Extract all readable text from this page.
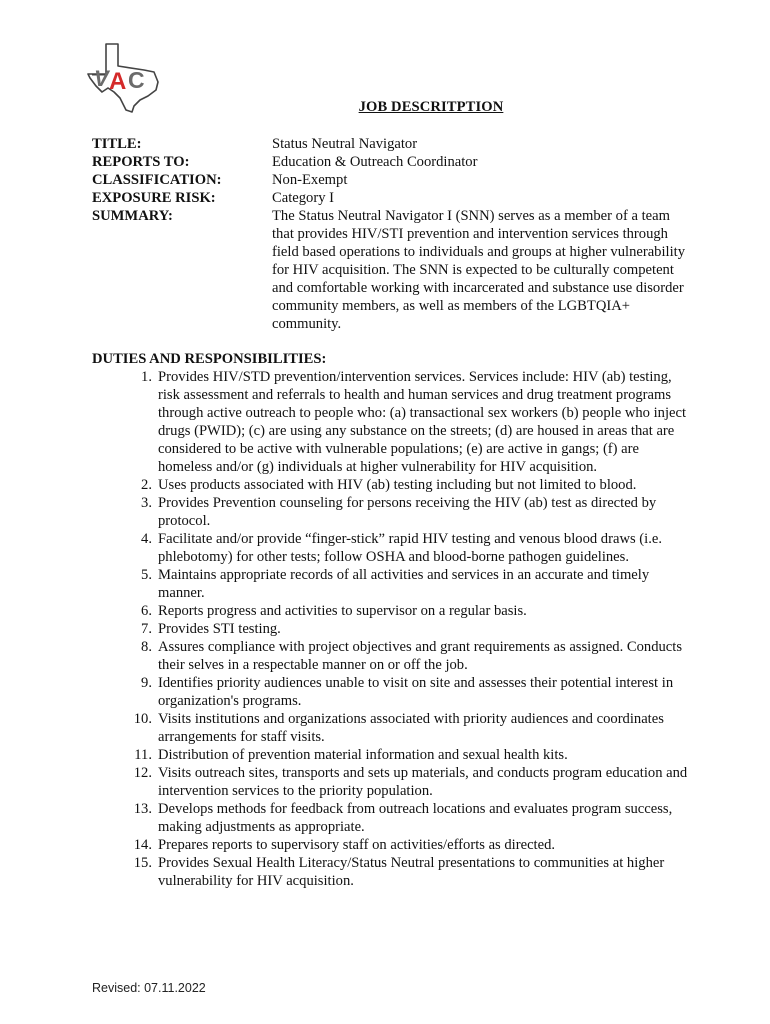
V A C
JOB DESCRITPTION
TITLE:	Status Neutral Navigator
REPORTS TO:	Education & Outreach Coordinator
CLASSIFICATION:	Non-Exempt
EXPOSURE RISK:	Category I
SUMMARY:	The Status Neutral Navigator I (SNN) serves as a member of a team that provides HIV/STI prevention and intervention services through field based operations to individuals and groups at higher vulnerability for HIV acquisition. The SNN is expected to be culturally competent and comfortable working with incarcerated and substance use disorder community members, as well as members of the LGBTQIA+ community.
DUTIES AND RESPONSIBILITIES:
1. Provides HIV/STD prevention/intervention services. Services include: HIV (ab) testing, risk assessment and referrals to health and human services and drug treatment programs through active outreach to people who: (a) transactional sex workers (b) people who inject drugs (PWID); (c) are using any substance on the streets; (d) are housed in areas that are considered to be active with vulnerable populations; (e) are active in gangs; (f) are homeless and/or (g) individuals at higher vulnerability for HIV acquisition.
2. Uses products associated with HIV (ab) testing including but not limited to blood.
3. Provides Prevention counseling for persons receiving the HIV (ab) test as directed by protocol.
4. Facilitate and/or provide “finger-stick” rapid HIV testing and venous blood draws (i.e. phlebotomy) for other tests; follow OSHA and blood-borne pathogen guidelines.
5. Maintains appropriate records of all activities and services in an accurate and timely manner.
6. Reports progress and activities to supervisor on a regular basis.
7. Provides STI testing.
8. Assures compliance with project objectives and grant requirements as assigned. Conducts their selves in a respectable manner on or off the job.
9. Identifies priority audiences unable to visit on site and assesses their potential interest in organization's programs.
10. Visits institutions and organizations associated with priority audiences and coordinates arrangements for staff visits.
11. Distribution of prevention material information and sexual health kits.
12. Visits outreach sites, transports and sets up materials, and conducts program education and intervention services to the priority population.
13. Develops methods for feedback from outreach locations and evaluates program success, making adjustments as appropriate.
14. Prepares reports to supervisory staff on activities/efforts as directed.
15. Provides Sexual Health Literacy/Status Neutral presentations to communities at higher vulnerability for HIV acquisition.
Revised: 07.11.2022
